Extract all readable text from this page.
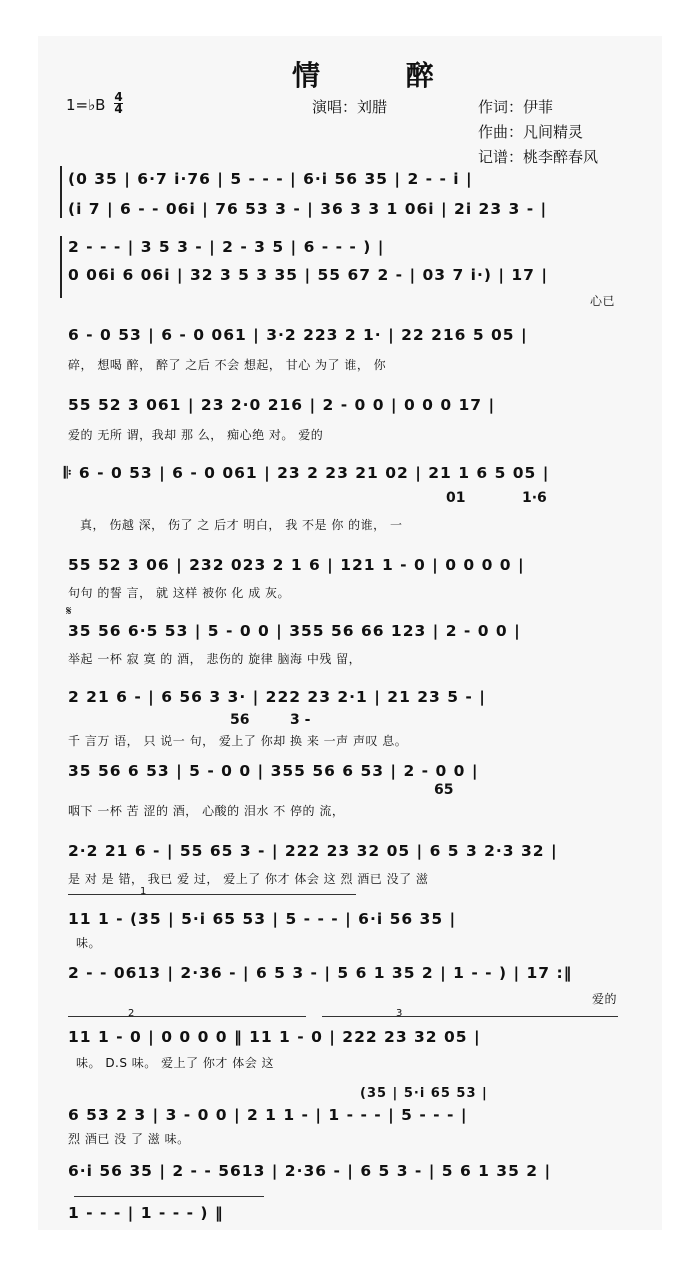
情 醉
1=♭B 4
4	演唱：刘腊	作词：伊菲
作曲：凡间精灵
记谱：桃李醉春风
(0 35 | 6·7 i·76 | 5 - - - | 6·i 56 35 | 2 - - i |
(i 7 | 6 - - 06i | 76 53 3 - | 36 3 3 1 06i | 2i 23 3 - |
2 - - - | 3 5 3 - | 2 - 3 5 | 6 - - - ) |
0 06i 6 06i | 32 3 5 3 35 | 55 67 2 - | 03 7 i·) | 17 |
心已
6 - 0 53 | 6 - 0 061 | 3·2 223 2 1· | 22 216 5 05 |
碎， 想喝 醉， 醉了 之后 不会 想起， 甘心 为了 谁， 你
55 52 3 061 | 23 2·0 216 | 2 - 0 0 | 0 0 0 17 |
爱的 无所 谓，我却 那 么， 痴心绝 对。 爱的
𝄆 6 - 0 53 | 6 - 0 061 | 23 2 23 21 02 | 21 1 6 5 05 |
01	1·6
真， 伤越 深， 伤了 之 后才 明白， 我 不是 你 的谁， 一
55 52 3 06 | 232 023 2 1 6 | 121 1 - 0 | 0 0 0 0 |
句句 的誓 言， 就 这样 被你 化 成 灰。
𝄋
35 56 6·5 53 | 5 - 0 0 | 355 56 66 123 | 2 - 0 0 |
举起 一杯 寂 寞 的 酒， 悲伤的 旋律 脑海 中残 留，
2 21 6 - | 6 56 3 3· | 222 23 2·1 | 21 23 5 - |
56	3 -
千 言万 语， 只 说一 句， 爱上了 你却 换 来 一声 声叹 息。
35 56 6 53 | 5 - 0 0 | 355 56 6 53 | 2 - 0 0 |
65
咽下 一杯 苦 涩的 酒， 心酸的 泪水 不 停的 流，
2·2 21 6 - | 55 65 3 - | 222 23 32 05 | 6 5 3 2·3 32 |
是 对 是 错， 我已 爱 过， 爱上了 你才 体会 这 烈 酒已 没了 滋
1
11 1 - (35 | 5·i 65 53 | 5 - - - | 6·i 56 35 |
味。
2 - - 0613 | 2·36 - | 6 5 3 - | 5 6 1 35 2 | 1 - - ) | 17 :‖
爱的
2	3
11 1 - 0 | 0 0 0 0 ‖ 11 1 - 0 | 222 23 32 05 |
味。 D.S 味。 爱上了 你才 体会 这
(35 | 5·i 65 53 |
6 53 2 3 | 3 - 0 0 | 2 1 1 - | 1 - - - | 5 - - - |
烈 酒已 没 了 滋 味。
6·i 56 35 | 2 - - 5613 | 2·36 - | 6 5 3 - | 5 6 1 35 2 |
1 - - - | 1 - - - ) ‖
